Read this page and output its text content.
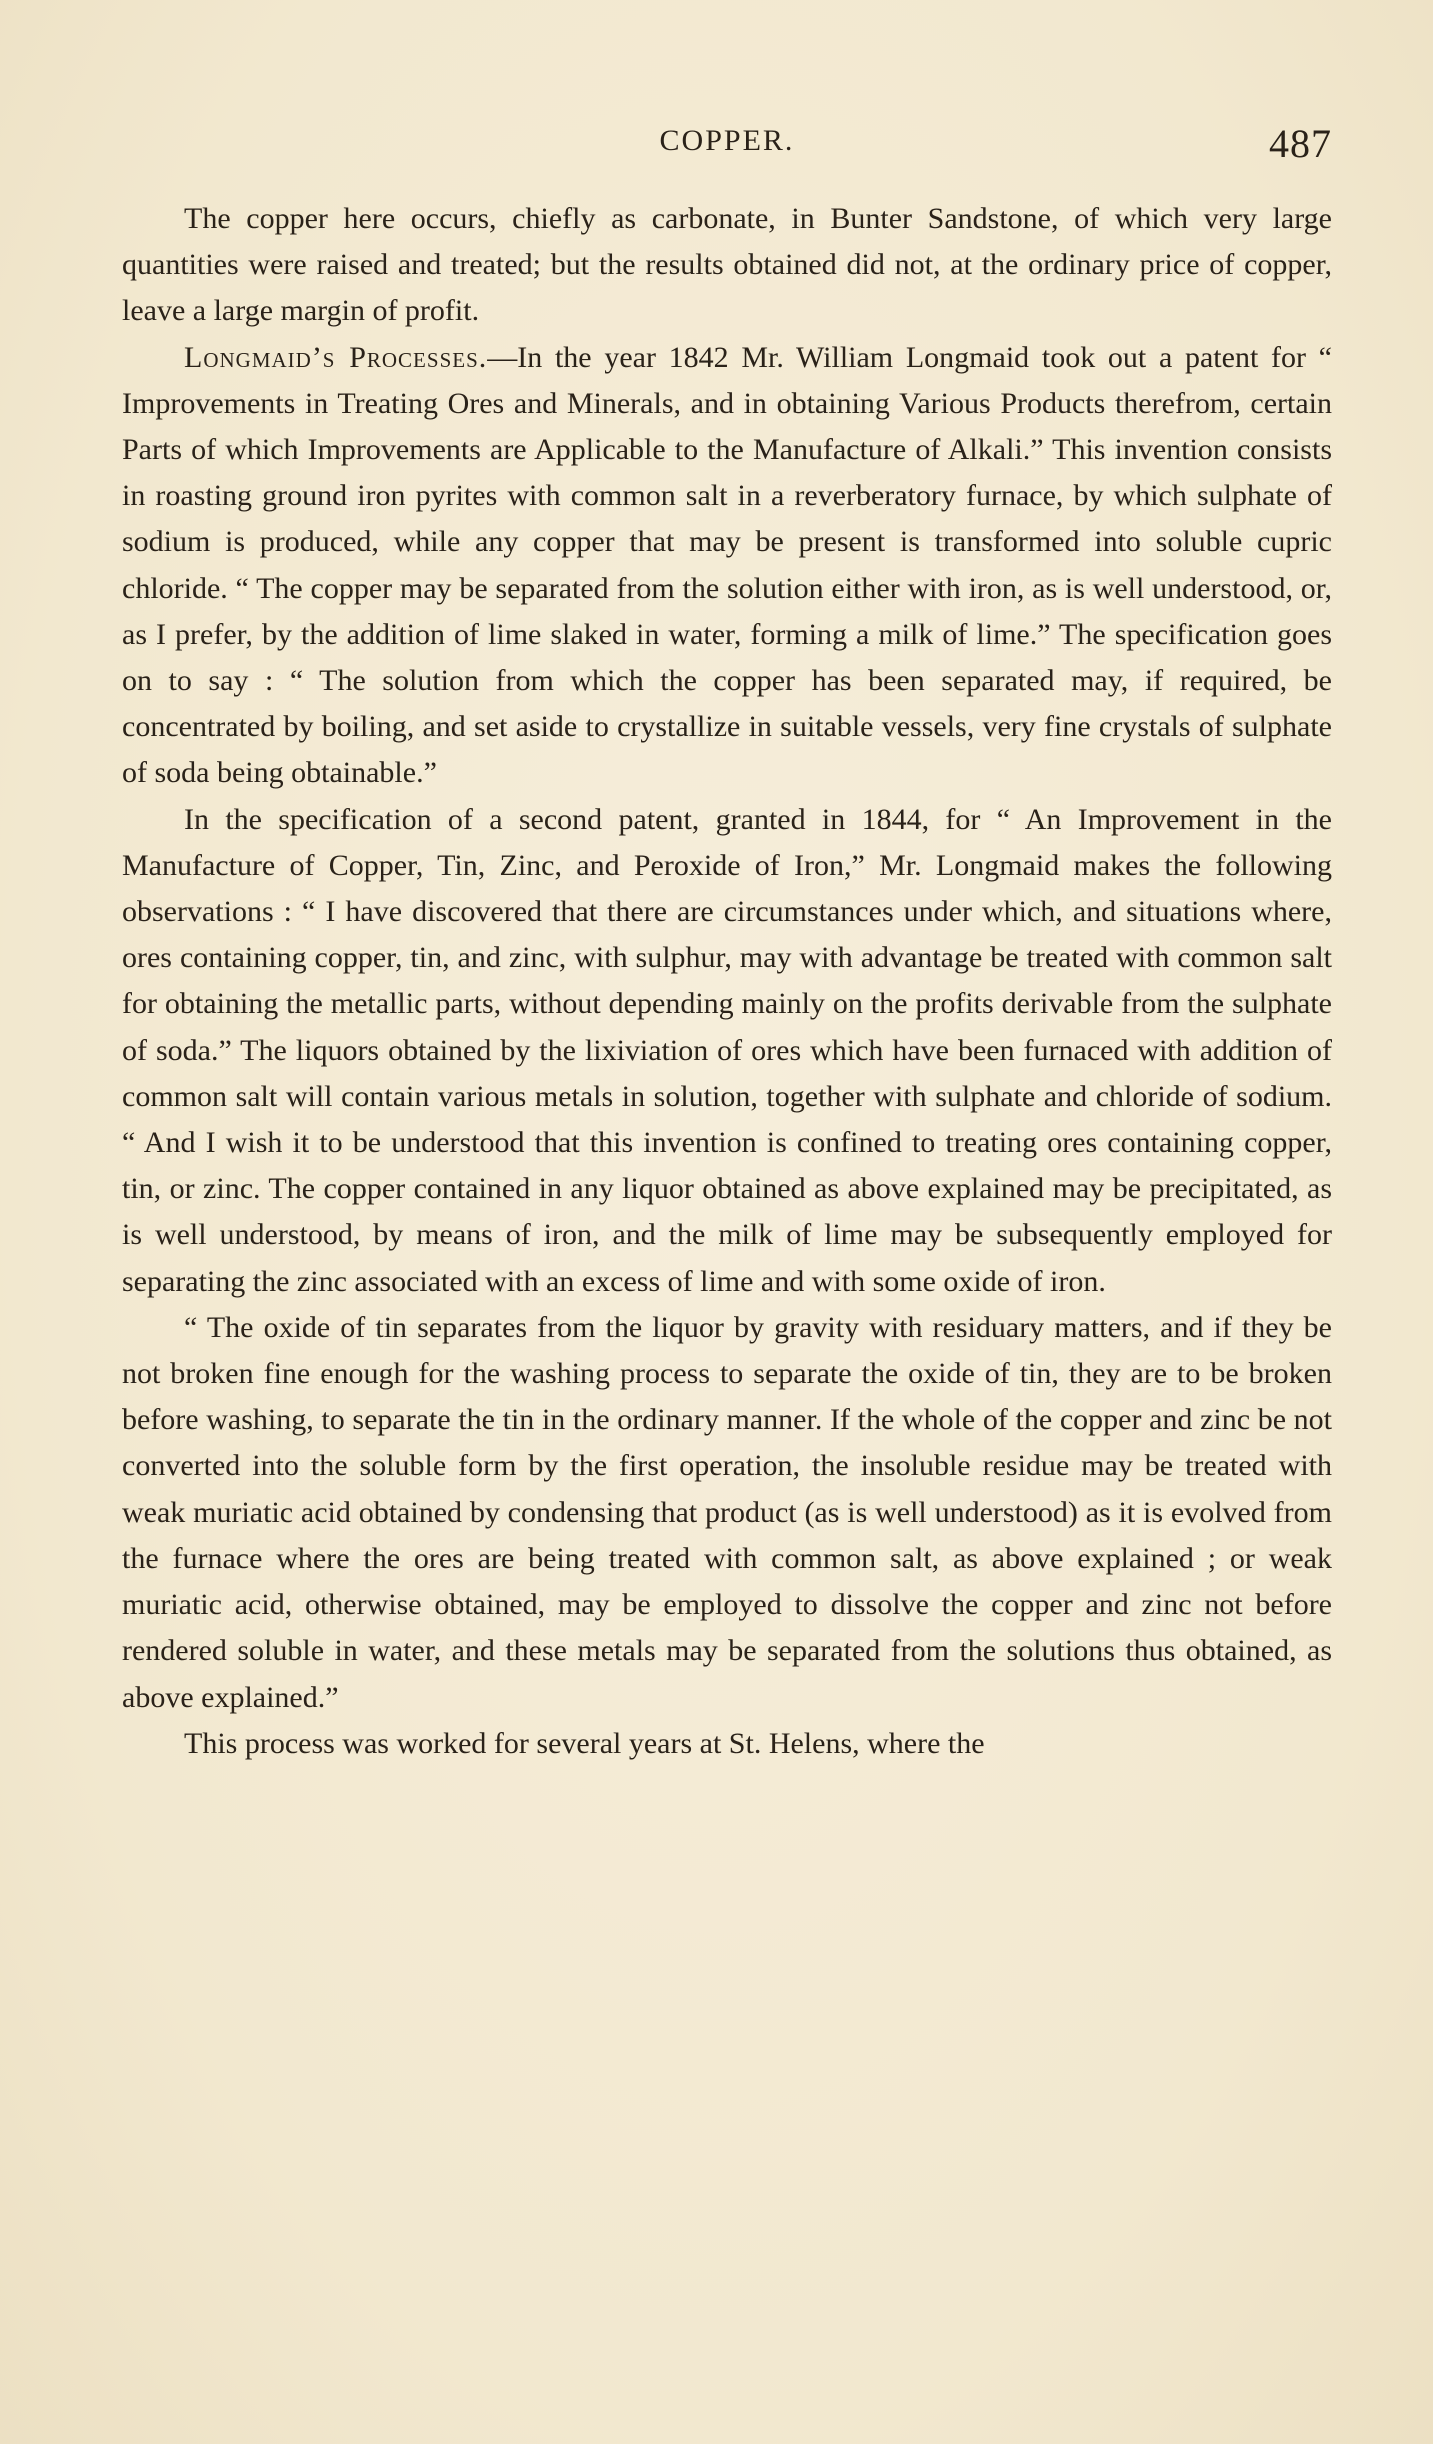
COPPER.	487

The copper here occurs, chiefly as carbonate, in Bunter Sandstone, of which very large quantities were raised and treated; but the results obtained did not, at the ordinary price of copper, leave a large margin of profit.

Longmaid’s Processes.—In the year 1842 Mr. William Longmaid took out a patent for “ Improvements in Treating Ores and Minerals, and in obtaining Various Products therefrom, certain Parts of which Improvements are Applicable to the Manufacture of Alkali.” This invention consists in roasting ground iron pyrites with common salt in a reverberatory furnace, by which sulphate of sodium is produced, while any copper that may be present is transformed into soluble cupric chloride. “ The copper may be separated from the solution either with iron, as is well understood, or, as I prefer, by the addition of lime slaked in water, forming a milk of lime.” The specification goes on to say : “ The solution from which the copper has been separated may, if required, be concentrated by boiling, and set aside to crystallize in suitable vessels, very fine crystals of sulphate of soda being obtainable.”

In the specification of a second patent, granted in 1844, for “ An Improvement in the Manufacture of Copper, Tin, Zinc, and Peroxide of Iron,” Mr. Longmaid makes the following observations : “ I have discovered that there are circumstances under which, and situations where, ores containing copper, tin, and zinc, with sulphur, may with advantage be treated with common salt for obtaining the metallic parts, without depending mainly on the profits derivable from the sulphate of soda.” The liquors obtained by the lixiviation of ores which have been furnaced with addition of common salt will contain various metals in solution, together with sulphate and chloride of sodium. “ And I wish it to be understood that this invention is confined to treating ores containing copper, tin, or zinc. The copper contained in any liquor obtained as above explained may be precipitated, as is well understood, by means of iron, and the milk of lime may be subsequently employed for separating the zinc associated with an excess of lime and with some oxide of iron.

“ The oxide of tin separates from the liquor by gravity with residuary matters, and if they be not broken fine enough for the washing process to separate the oxide of tin, they are to be broken before washing, to separate the tin in the ordinary manner. If the whole of the copper and zinc be not converted into the soluble form by the first operation, the insoluble residue may be treated with weak muriatic acid obtained by condensing that product (as is well understood) as it is evolved from the furnace where the ores are being treated with common salt, as above explained ; or weak muriatic acid, otherwise obtained, may be employed to dissolve the copper and zinc not before rendered soluble in water, and these metals may be separated from the solutions thus obtained, as above explained.”

This process was worked for several years at St. Helens, where the
